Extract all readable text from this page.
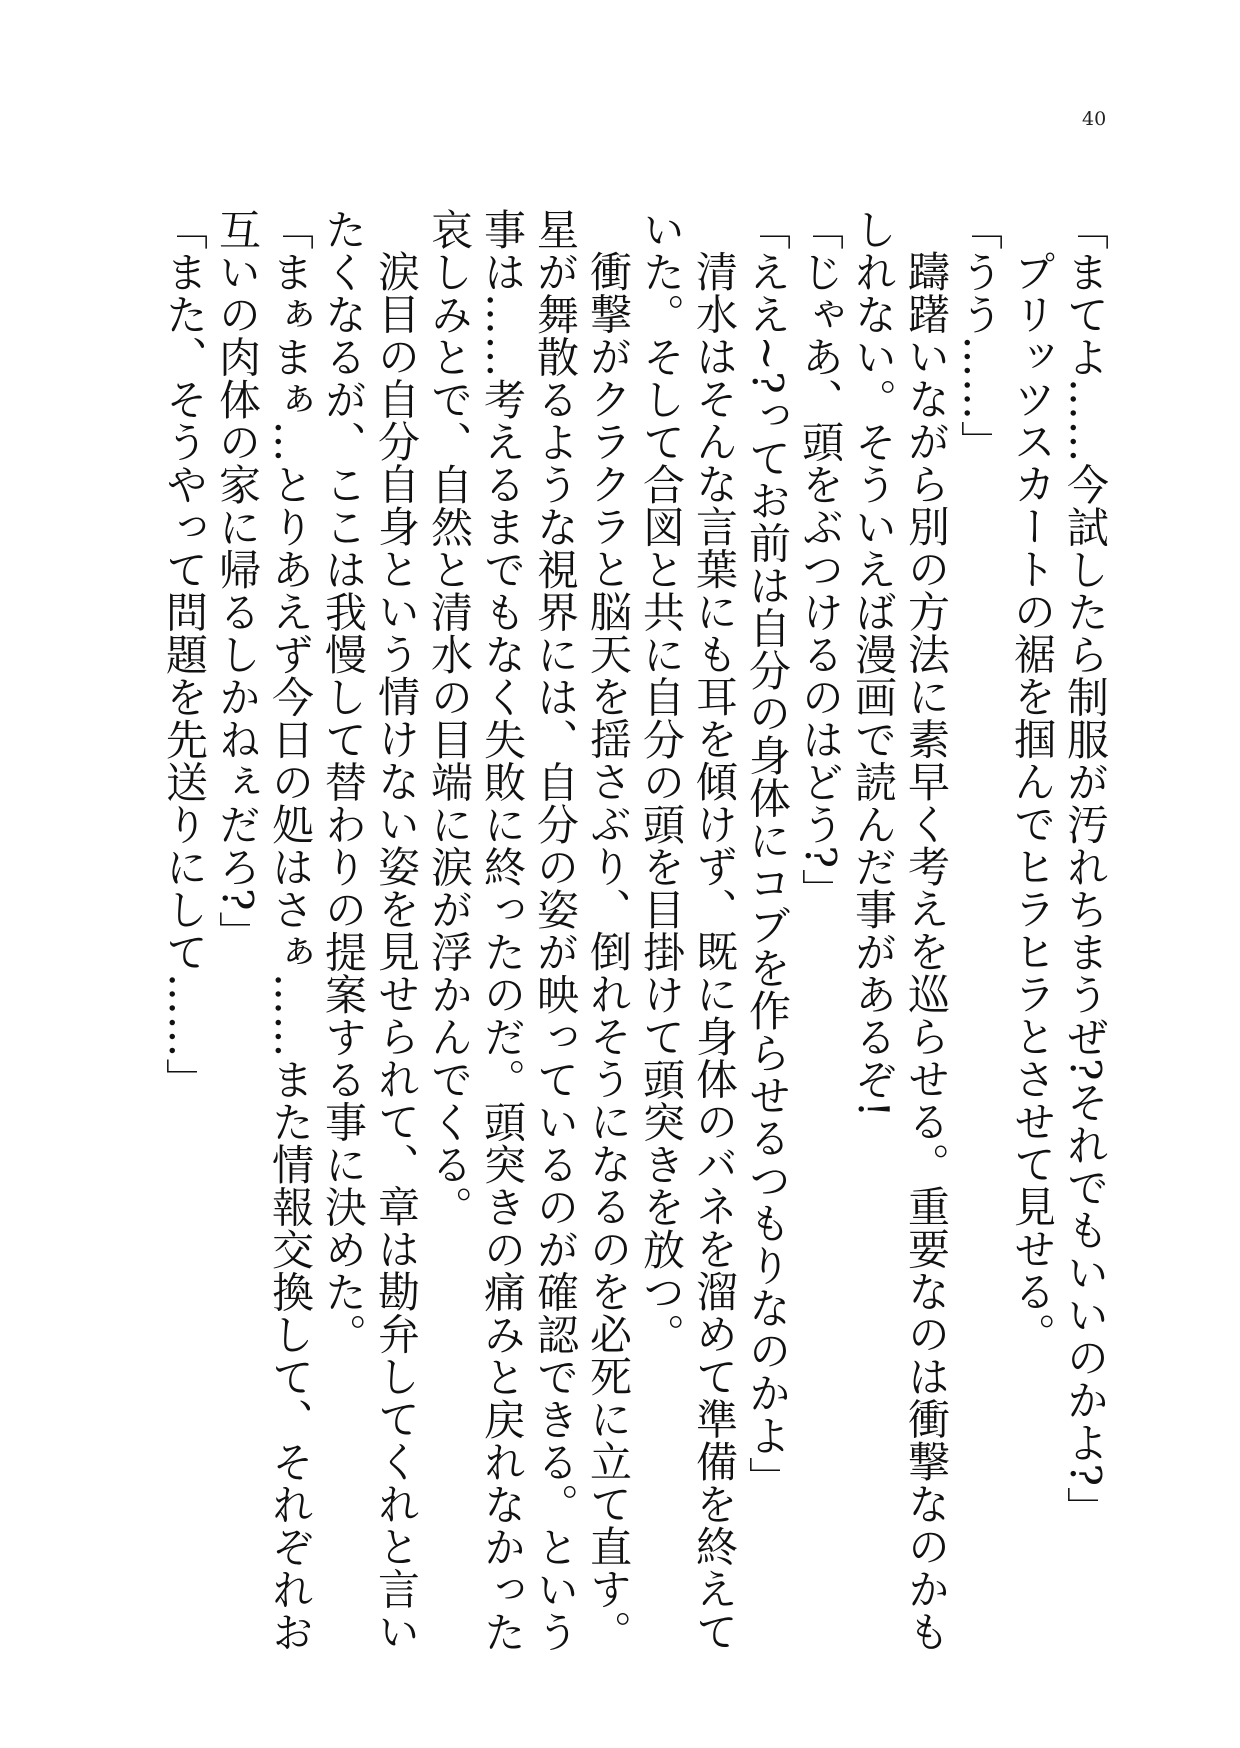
40

「まてよ……今試したら制服が汚れちまうぜ?それでもいいのかよ?」

プリッツスカートの裾を掴んでヒラヒラとさせて見せる。

「うう……」

躊躇いながら別の方法に素早く考えを巡らせる。重要なのは衝撃なのかもしれない。そういえば漫画で読んだ事があるぞ!

「じゃあ、頭をぶつけるのはどう?」

「ええ~?ってお前は自分の身体にコブを作らせるつもりなのかよ」

清水はそんな言葉にも耳を傾けず、既に身体のバネを溜めて準備を終えていた。そして合図と共に自分の頭を目掛けて頭突きを放つ。

衝撃がクラクラと脳天を揺さぶり、倒れそうになるのを必死に立て直す。星が舞散るような視界には、自分の姿が映っているのが確認できる。という事は……考えるまでもなく失敗に終ったのだ。頭突きの痛みと戻れなかった哀しみとで、自然と清水の目端に涙が浮かんでくる。

涙目の自分自身という情けない姿を見せられて、章は勘弁してくれと言いたくなるが、ここは我慢して替わりの提案する事に決めた。

「まぁまぁ…とりあえず今日の処はさぁ……また情報交換して、それぞれお互いの肉体の家に帰るしかねぇだろ?」

「また、そうやって問題を先送りにして……」
